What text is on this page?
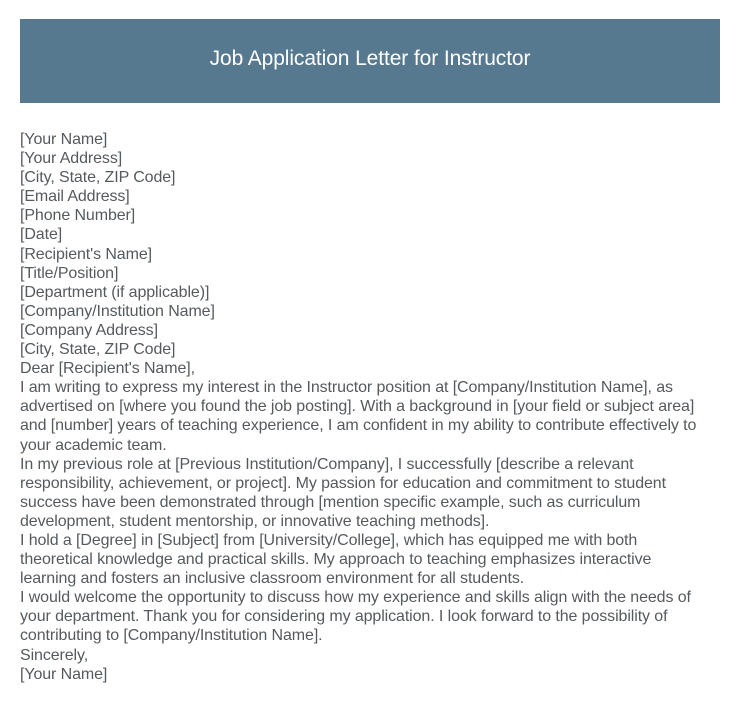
Job Application Letter for Instructor
[Your Name]
[Your Address]
[City, State, ZIP Code]
[Email Address]
[Phone Number]
[Date]
[Recipient's Name]
[Title/Position]
[Department (if applicable)]
[Company/Institution Name]
[Company Address]
[City, State, ZIP Code]
Dear [Recipient's Name],
I am writing to express my interest in the Instructor position at [Company/Institution Name], as
advertised on [where you found the job posting]. With a background in [your field or subject area]
and [number] years of teaching experience, I am confident in my ability to contribute effectively to
your academic team.
In my previous role at [Previous Institution/Company], I successfully [describe a relevant
responsibility, achievement, or project]. My passion for education and commitment to student
success have been demonstrated through [mention specific example, such as curriculum
development, student mentorship, or innovative teaching methods].
I hold a [Degree] in [Subject] from [University/College], which has equipped me with both
theoretical knowledge and practical skills. My approach to teaching emphasizes interactive
learning and fosters an inclusive classroom environment for all students.
I would welcome the opportunity to discuss how my experience and skills align with the needs of
your department. Thank you for considering my application. I look forward to the possibility of
contributing to [Company/Institution Name].
Sincerely,
[Your Name]
